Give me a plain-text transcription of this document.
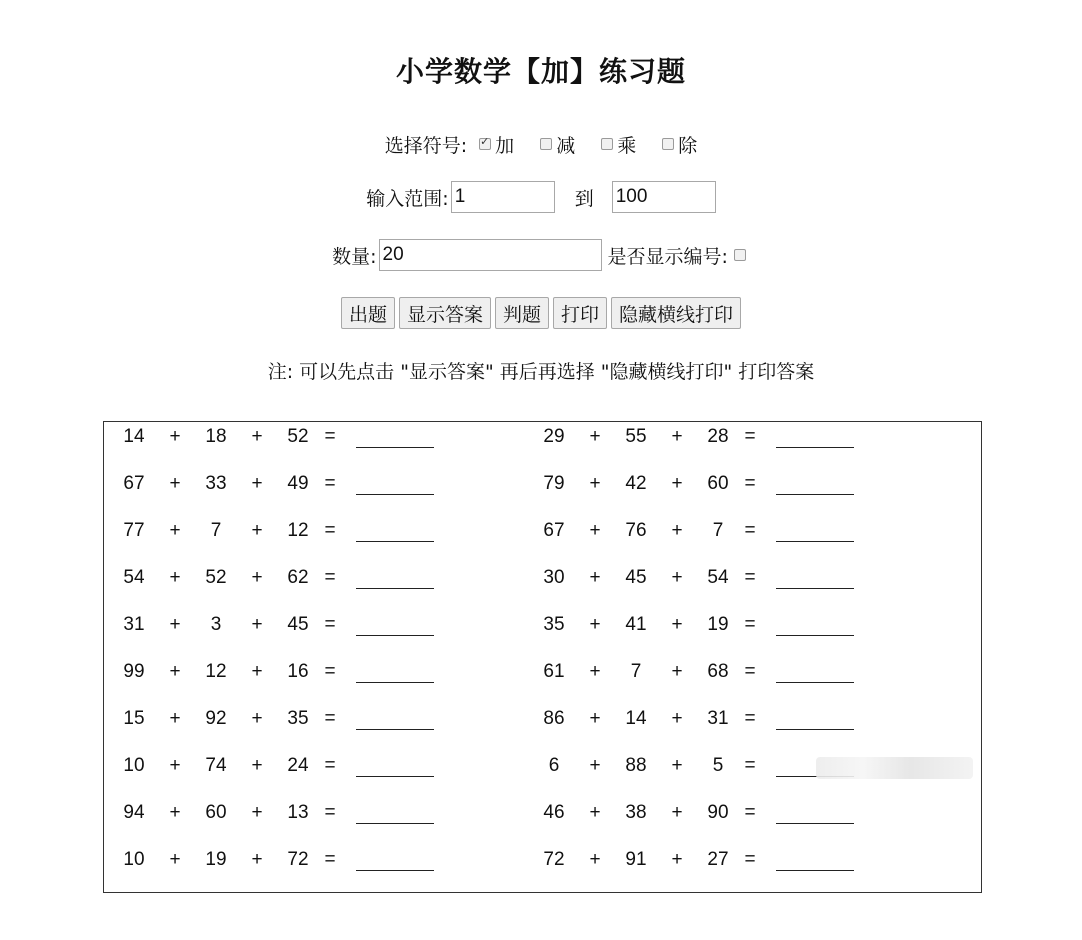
小学数学【加】练习题
选择符号:
✓ 加 减 乘 除
输入范围: 1	到 100
数量: 20	是否显示编号:
出题	显示答案	判题	打印	隐藏横线打印
注: 可以先点击 "显示答案" 再后再选择 "隐藏横线打印" 打印答案
14	+	18	+	52 =
67	+	33	+	49 =
77	+	7	+	12 =
54	+	52	+	62 =
31	+	3	+	45 =
99	+	12	+	16 =
15	+	92	+	35 =
10	+	74	+	24 =
94	+	60	+	13 =
10	+	19	+	72 =
29	+	55	+	28 =
79	+	42	+	60 =
67	+	76	+	7	=
30	+	45	+	54 =
35	+	41	+	19 =
61	+	7	+	68 =
86	+	14	+	31 =
6	+	88	+	5	=
46	+	38	+	90 =
72	+	91	+	27 =
